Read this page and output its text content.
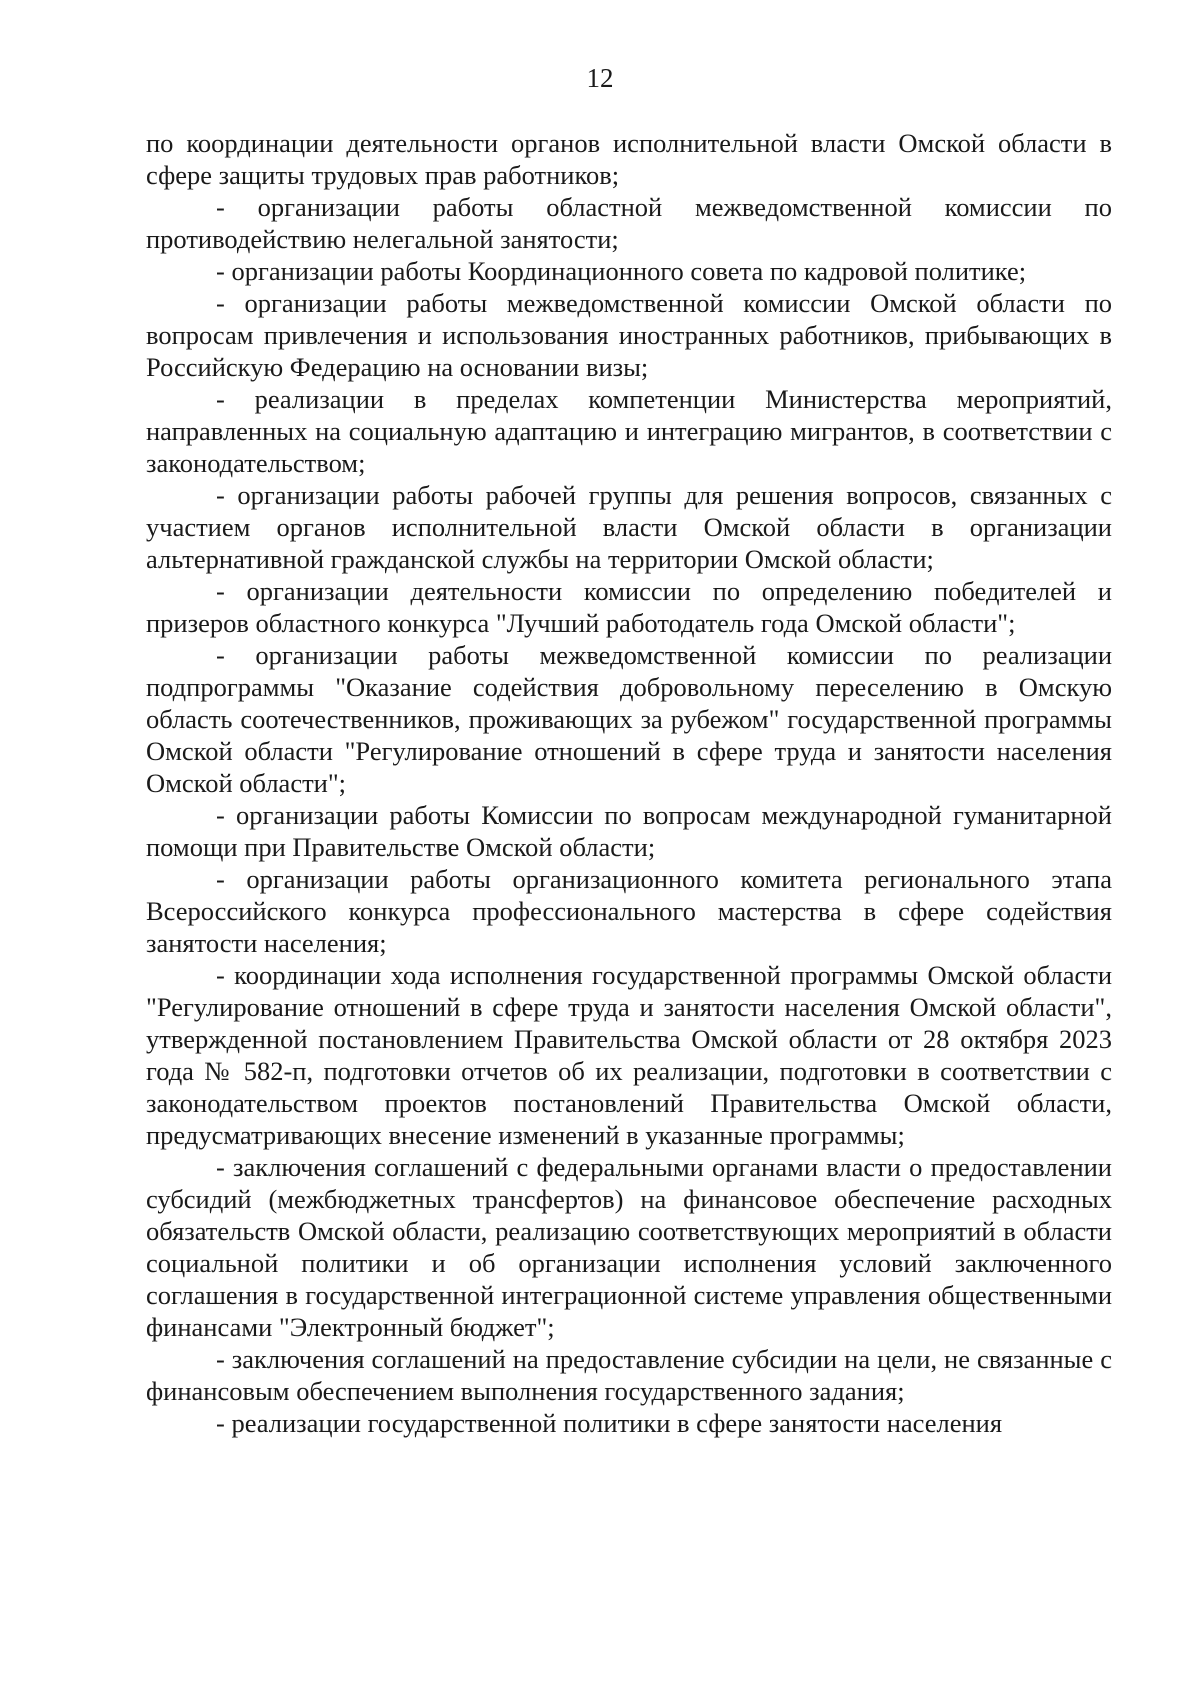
12

по координации деятельности органов исполнительной власти Омской области в сфере защиты трудовых прав работников;

- организации работы областной межведомственной комиссии по противодействию нелегальной занятости;

- организации работы Координационного совета по кадровой политике;

- организации работы межведомственной комиссии Омской области по вопросам привлечения и использования иностранных работников, прибывающих в Российскую Федерацию на основании визы;

- реализации в пределах компетенции Министерства мероприятий, направленных на социальную адаптацию и интеграцию мигрантов, в соответствии с законодательством;

- организации работы рабочей группы для решения вопросов, связанных с участием органов исполнительной власти Омской области в организации альтернативной гражданской службы на территории Омской области;

- организации деятельности комиссии по определению победителей и призеров областного конкурса "Лучший работодатель года Омской области";

- организации работы межведомственной комиссии по реализации подпрограммы "Оказание содействия добровольному переселению в Омскую область соотечественников, проживающих за рубежом" государственной программы Омской области "Регулирование отношений в сфере труда и занятости населения Омской области";

- организации работы Комиссии по вопросам международной гуманитарной помощи при Правительстве Омской области;

- организации работы организационного комитета регионального этапа Всероссийского конкурса профессионального мастерства в сфере содействия занятости населения;

- координации хода исполнения государственной программы Омской области "Регулирование отношений в сфере труда и занятости населения Омской области", утвержденной постановлением Правительства Омской области от 28 октября 2023 года № 582-п, подготовки отчетов об их реализации, подготовки в соответствии с законодательством проектов постановлений Правительства Омской области, предусматривающих внесение изменений в указанные программы;

- заключения соглашений с федеральными органами власти о предоставлении субсидий (межбюджетных трансфертов) на финансовое обеспечение расходных обязательств Омской области, реализацию соответствующих мероприятий в области социальной политики и об организации исполнения условий заключенного соглашения в государственной интеграционной системе управления общественными финансами "Электронный бюджет";

- заключения соглашений на предоставление субсидии на цели, не связанные с финансовым обеспечением выполнения государственного задания;

- реализации государственной политики в сфере занятости населения
